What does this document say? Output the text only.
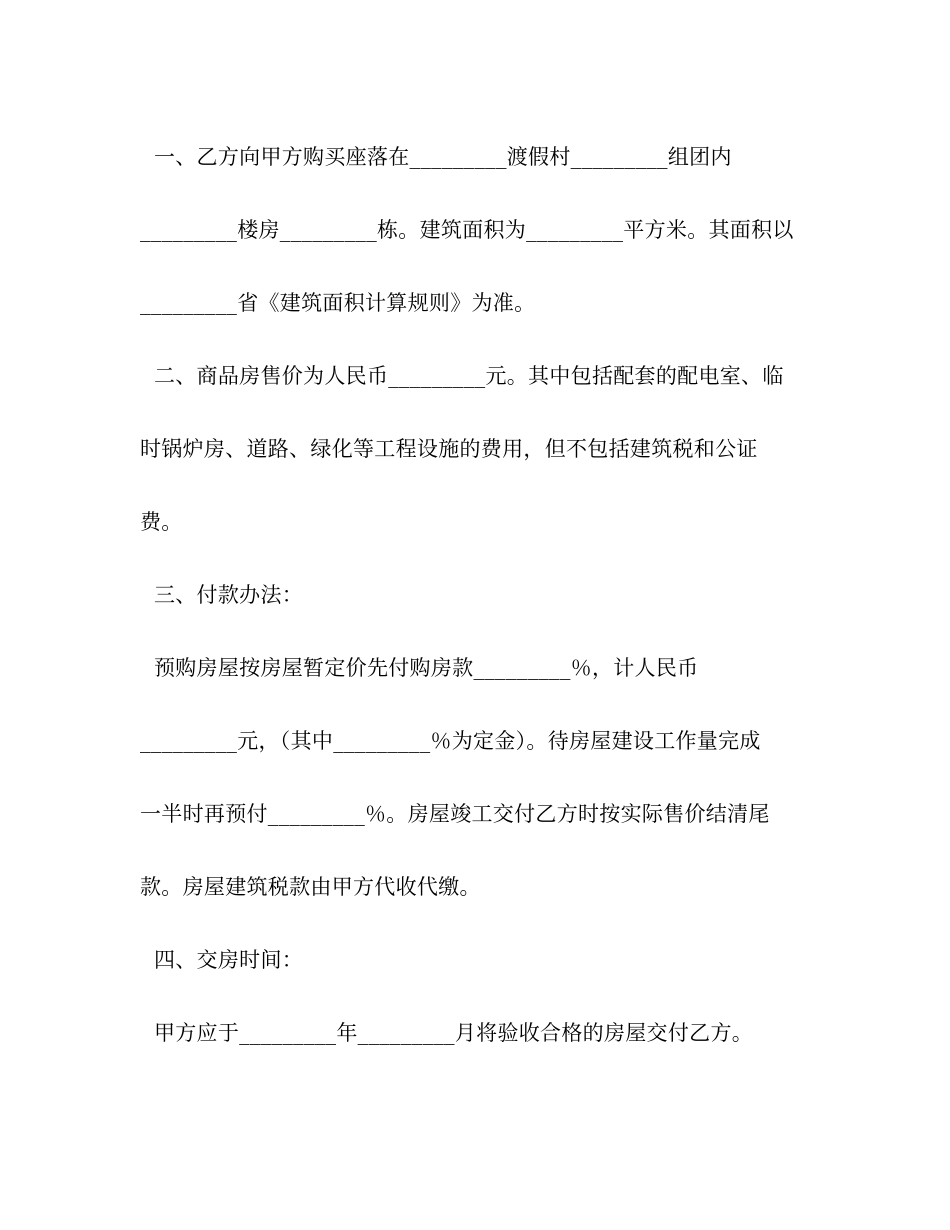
一、乙方向甲方购买座落在_________渡假村_________组团内
_________楼房_________栋。建筑面积为_________平方米。其面积以
_________省《建筑面积计算规则》为准。
二、商品房售价为人民币_________元。其中包括配套的配电室、临
时锅炉房、道路、绿化等工程设施的费用，但不包括建筑税和公证
费。
三、付款办法：
预购房屋按房屋暂定价先付购房款_________％，计人民币
_________元，（其中_________％为定金）。待房屋建设工作量完成
一半时再预付_________％。房屋竣工交付乙方时按实际售价结清尾
款。房屋建筑税款由甲方代收代缴。
四、交房时间：
甲方应于_________年_________月将验收合格的房屋交付乙方。
